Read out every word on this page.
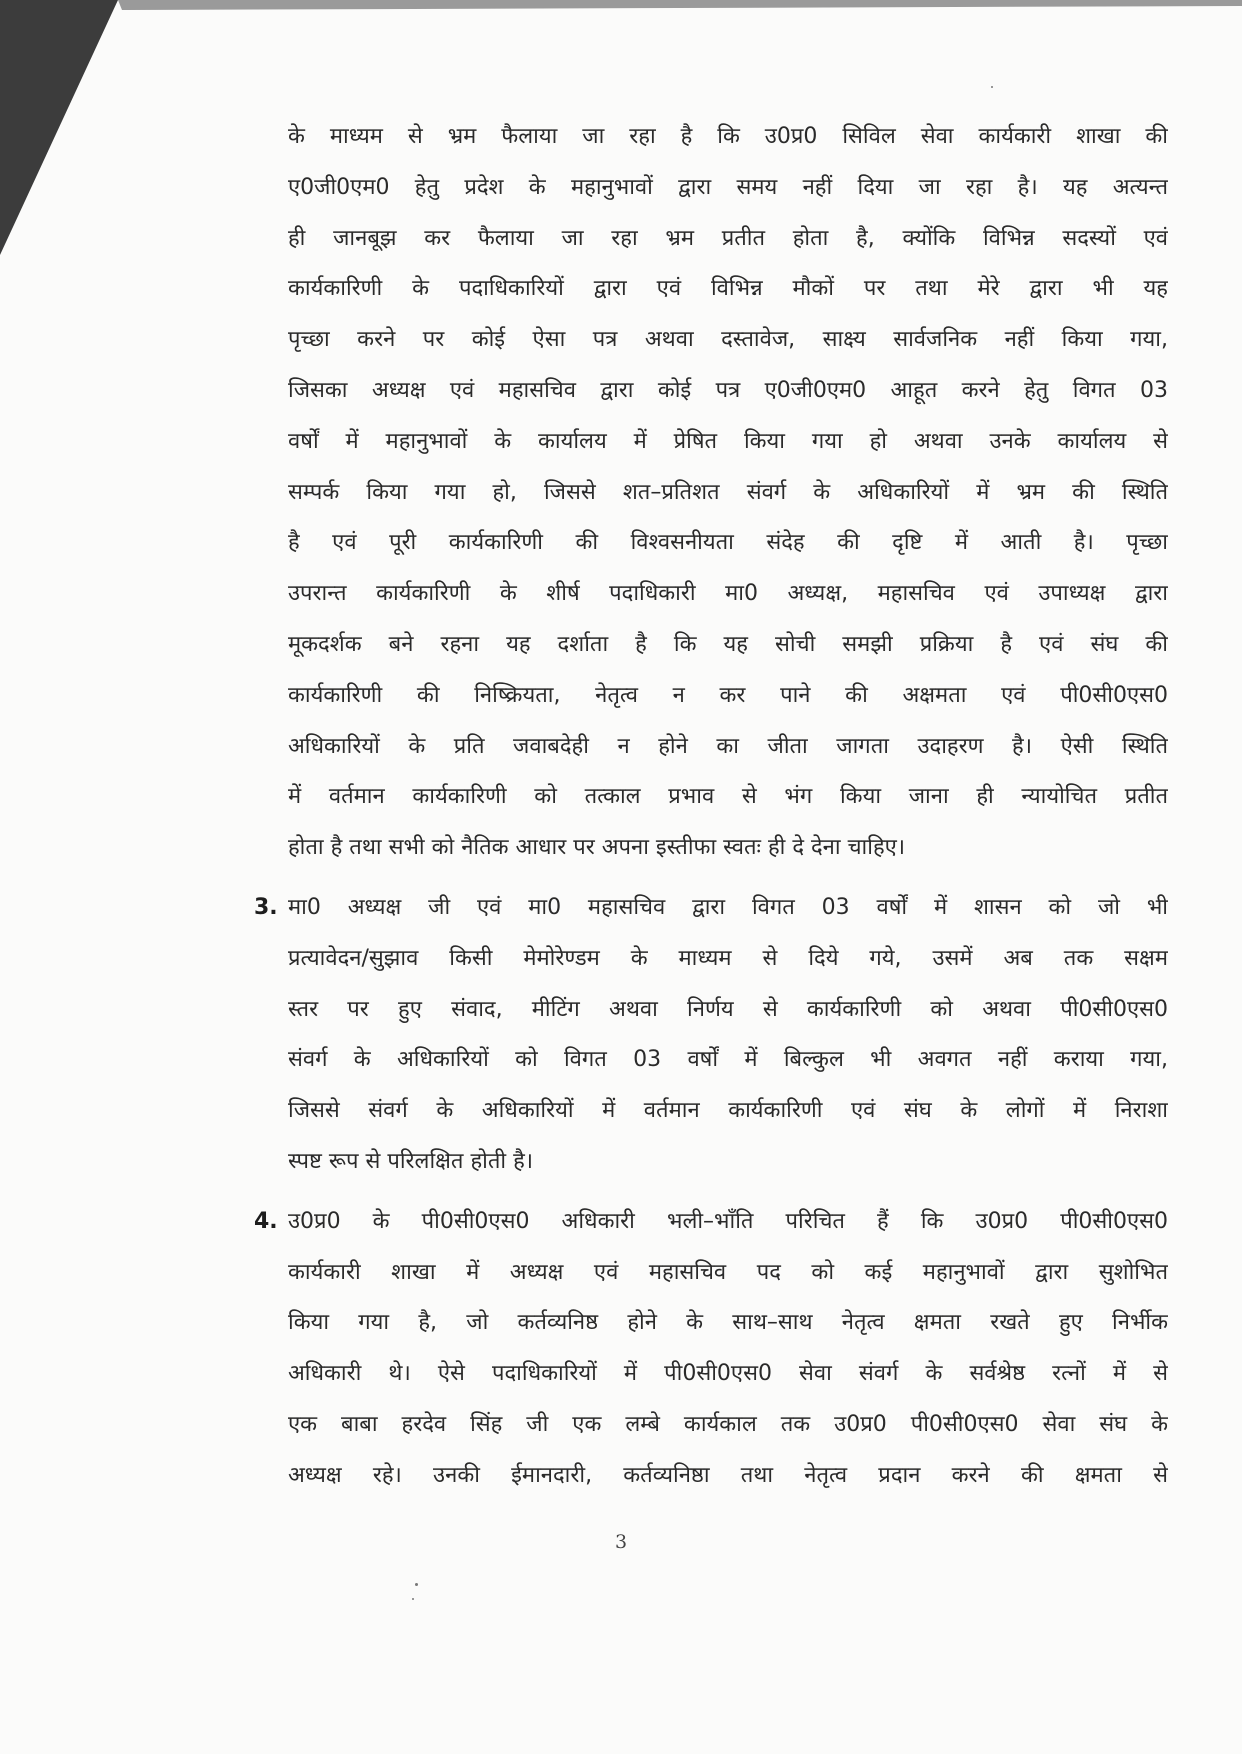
के माध्यम से भ्रम फैलाया जा रहा है कि उ0प्र0 सिविल सेवा कार्यकारी शाखा की
ए0जी0एम0 हेतु प्रदेश के महानुभावों द्वारा समय नहीं दिया जा रहा है। यह अत्यन्त
ही जानबूझ कर फैलाया जा रहा भ्रम प्रतीत होता है, क्योंकि विभिन्न सदस्यों एवं
कार्यकारिणी के पदाधिकारियों द्वारा एवं विभिन्न मौकों पर तथा मेरे द्वारा भी यह
पृच्छा करने पर कोई ऐसा पत्र अथवा दस्तावेज, साक्ष्य सार्वजनिक नहीं किया गया,
जिसका अध्यक्ष एवं महासचिव द्वारा कोई पत्र ए0जी0एम0 आहूत करने हेतु विगत 03
वर्षों में महानुभावों के कार्यालय में प्रेषित किया गया हो अथवा उनके कार्यालय से
सम्पर्क किया गया हो, जिससे शत–प्रतिशत संवर्ग के अधिकारियों में भ्रम की स्थिति
है एवं पूरी कार्यकारिणी की विश्वसनीयता संदेह की दृष्टि में आती है। पृच्छा
उपरान्त कार्यकारिणी के शीर्ष पदाधिकारी मा0 अध्यक्ष, महासचिव एवं उपाध्यक्ष द्वारा
मूकदर्शक बने रहना यह दर्शाता है कि यह सोची समझी प्रक्रिया है एवं संघ की
कार्यकारिणी की निष्क्रियता, नेतृत्व न कर पाने की अक्षमता एवं पी0सी0एस0
अधिकारियों के प्रति जवाबदेही न होने का जीता जागता उदाहरण है। ऐसी स्थिति
में वर्तमान कार्यकारिणी को तत्काल प्रभाव से भंग किया जाना ही न्यायोचित प्रतीत
होता है तथा सभी को नैतिक आधार पर अपना इस्तीफा स्वतः ही दे देना चाहिए।
3. मा0 अध्यक्ष जी एवं मा0 महासचिव द्वारा विगत 03 वर्षों में शासन को जो भी
प्रत्यावेदन/सुझाव किसी मेमोरेण्डम के माध्यम से दिये गये, उसमें अब तक सक्षम
स्तर पर हुए संवाद, मीटिंग अथवा निर्णय से कार्यकारिणी को अथवा पी0सी0एस0
संवर्ग के अधिकारियों को विगत 03 वर्षों में बिल्कुल भी अवगत नहीं कराया गया,
जिससे संवर्ग के अधिकारियों में वर्तमान कार्यकारिणी एवं संघ के लोगों में निराशा
स्पष्ट रूप से परिलक्षित होती है।
4. उ0प्र0 के पी0सी0एस0 अधिकारी भली–भाँति परिचित हैं कि उ0प्र0 पी0सी0एस0
कार्यकारी शाखा में अध्यक्ष एवं महासचिव पद को कई महानुभावों द्वारा सुशोभित
किया गया है, जो कर्तव्यनिष्ठ होने के साथ–साथ नेतृत्व क्षमता रखते हुए निर्भीक
अधिकारी थे। ऐसे पदाधिकारियों में पी0सी0एस0 सेवा संवर्ग के सर्वश्रेष्ठ रत्नों में से
एक बाबा हरदेव सिंह जी एक लम्बे कार्यकाल तक उ0प्र0 पी0सी0एस0 सेवा संघ के
अध्यक्ष रहे। उनकी ईमानदारी, कर्तव्यनिष्ठा तथा नेतृत्व प्रदान करने की क्षमता से
3
